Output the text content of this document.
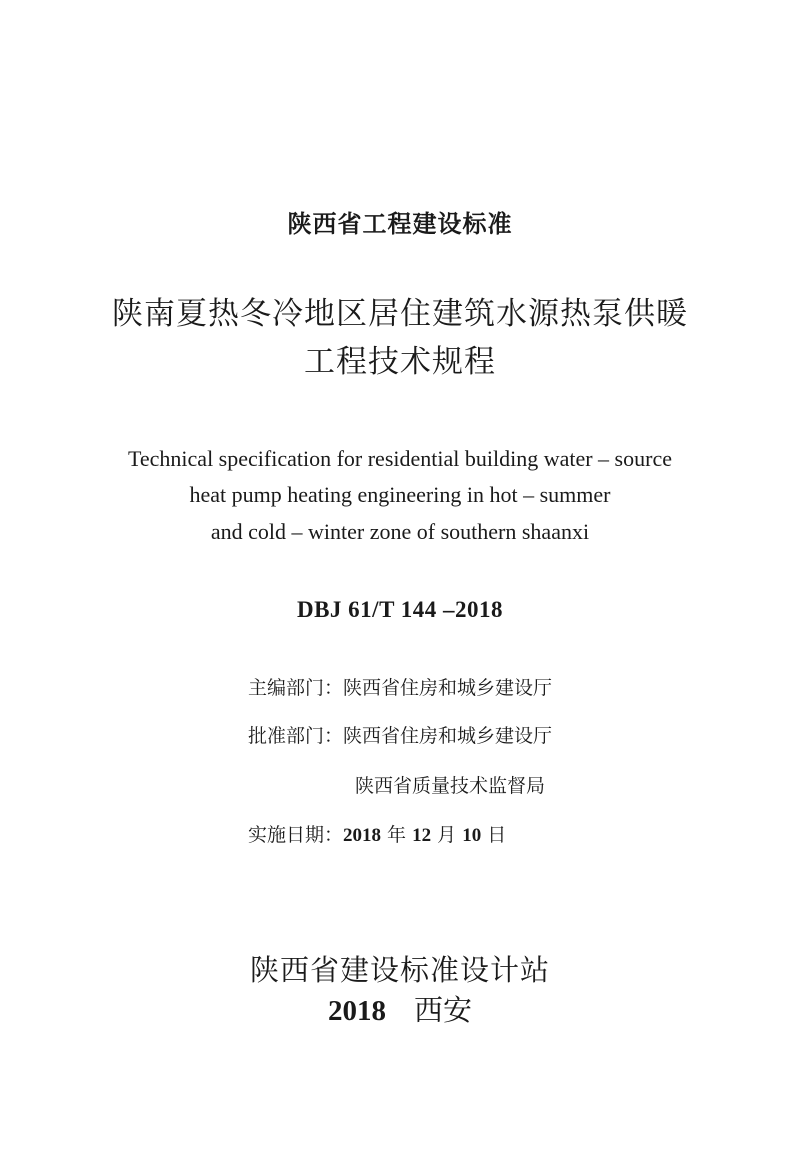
陕西省工程建设标准
陕南夏热冬冷地区居住建筑水源热泵供暖
工程技术规程
Technical specification for residential building water – source
heat pump heating engineering in hot – summer
and cold – winter zone of southern shaanxi
DBJ 61/T 144 –2018
主编部门：陕西省住房和城乡建设厅
批准部门：陕西省住房和城乡建设厅
陕西省质量技术监督局
实施日期：2018 年 12 月 10 日
陕西省建设标准设计站
2018 西安
